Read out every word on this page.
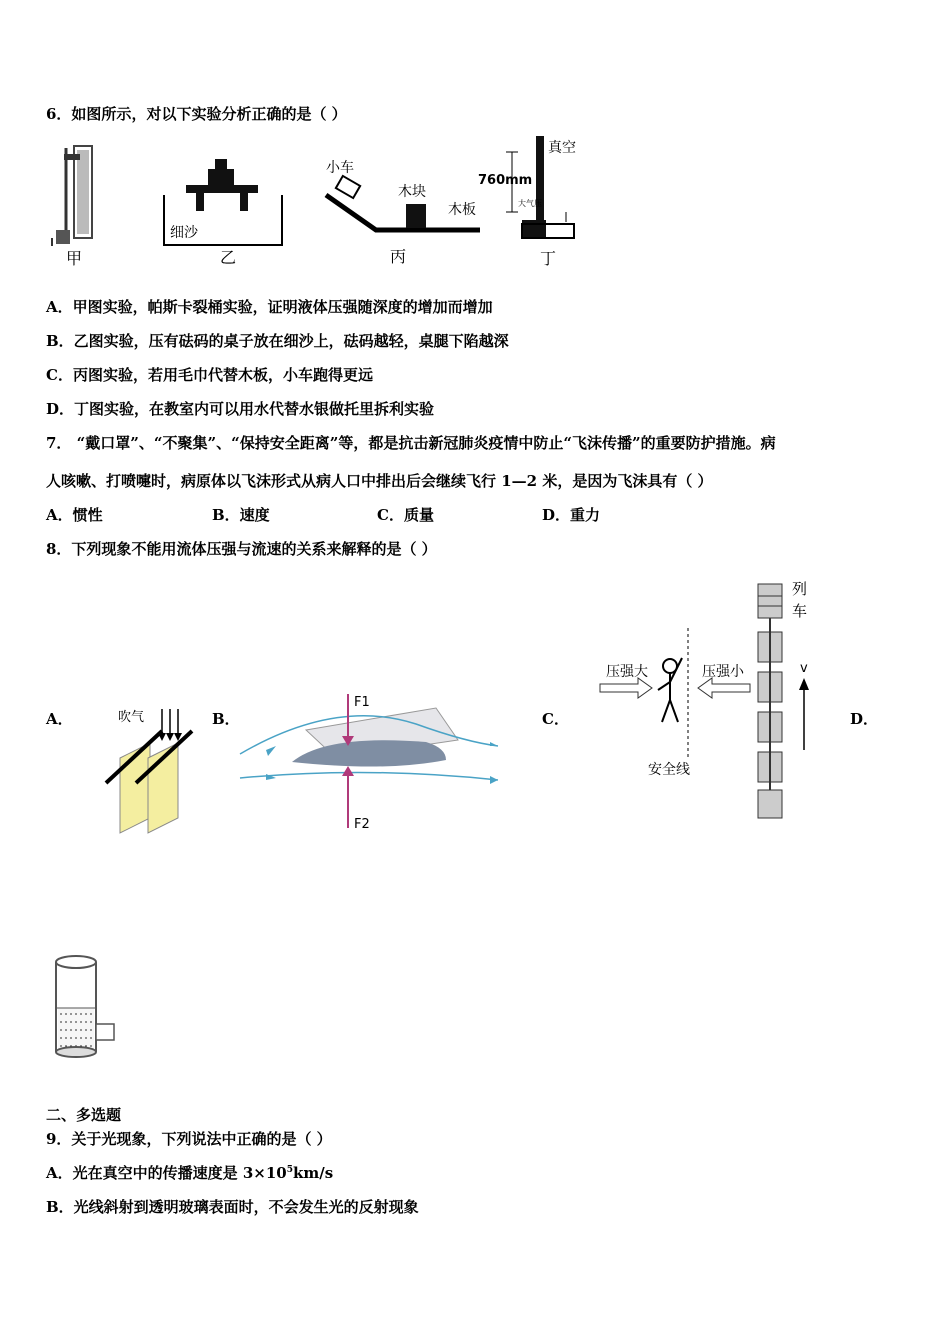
6．如图所示，对以下实验分析正确的是（ ）
甲
细沙
乙
小车
木块
木板
丙
760mm
真空
大气压
丁
A．甲图实验，帕斯卡裂桶实验，证明液体压强随深度的增加而增加
B．乙图实验，压有砝码的桌子放在细沙上，砝码越轻，桌腿下陷越深
C．丙图实验，若用毛巾代替木板，小车跑得更远
D．丁图实验，在教室内可以用水代替水银做托里拆利实验
7． “戴口罩”、“不聚集”、“保持安全距离”等，都是抗击新冠肺炎疫情中防止“飞沫传播”的重要防护措施。病
人咳嗽、打喷嚏时，病原体以飞沫形式从病人口中排出后会继续飞行 1—2 米，是因为飞沫具有（ ）
A．惯性	B．速度	C．质量	D．重力
8．下列现象不能用流体压强与流速的关系来解释的是（ ）
A．	B．	C．	D．
吹气
F1
F2
压强大	压强小
安全线
列
车
v
二、多选题
9．关于光现象，下列说法中正确的是（ ）
A．光在真空中的传播速度是 $3\times 10^5km/s$
B．光线斜射到透明玻璃表面时，不会发生光的反射现象
